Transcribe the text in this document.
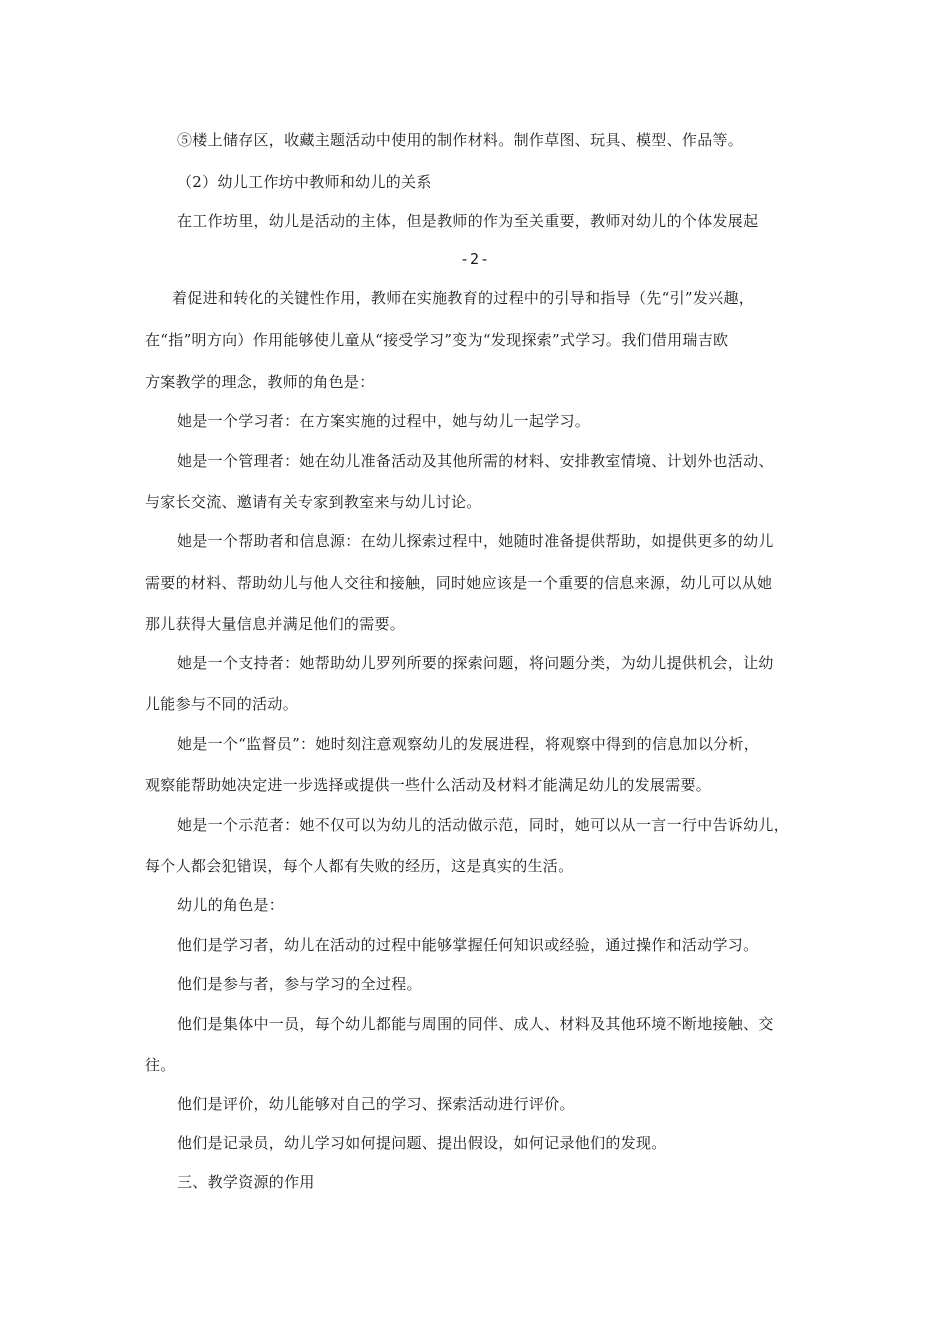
⑤楼上储存区，收藏主题活动中使用的制作材料。制作草图、玩具、模型、作品等。
（2）幼儿工作坊中教师和幼儿的关系
在工作坊里，幼儿是活动的主体，但是教师的作为至关重要，教师对幼儿的个体发展起
-2-
着促进和转化的关键性作用，教师在实施教育的过程中的引导和指导（先“引”发兴趣，
在“指”明方向）作用能够使儿童从“接受学习”变为“发现探索”式学习。我们借用瑞吉欧
方案教学的理念，教师的角色是：
她是一个学习者：在方案实施的过程中，她与幼儿一起学习。
她是一个管理者：她在幼儿准备活动及其他所需的材料、安排教室情境、计划外也活动、
与家长交流、邀请有关专家到教室来与幼儿讨论。
她是一个帮助者和信息源：在幼儿探索过程中，她随时准备提供帮助，如提供更多的幼儿
需要的材料、帮助幼儿与他人交往和接触，同时她应该是一个重要的信息来源，幼儿可以从她
那儿获得大量信息并满足他们的需要。
她是一个支持者：她帮助幼儿罗列所要的探索问题，将问题分类，为幼儿提供机会，让幼
儿能参与不同的活动。
她是一个“监督员”：她时刻注意观察幼儿的发展进程，将观察中得到的信息加以分析，
观察能帮助她决定进一步选择或提供一些什么活动及材料才能满足幼儿的发展需要。
她是一个示范者：她不仅可以为幼儿的活动做示范，同时，她可以从一言一行中告诉幼儿，
每个人都会犯错误，每个人都有失败的经历，这是真实的生活。
幼儿的角色是：
他们是学习者，幼儿在活动的过程中能够掌握任何知识或经验，通过操作和活动学习。
他们是参与者，参与学习的全过程。
他们是集体中一员，每个幼儿都能与周围的同伴、成人、材料及其他环境不断地接触、交
往。
他们是评价，幼儿能够对自己的学习、探索活动进行评价。
他们是记录员，幼儿学习如何提问题、提出假设，如何记录他们的发现。
三、教学资源的作用
